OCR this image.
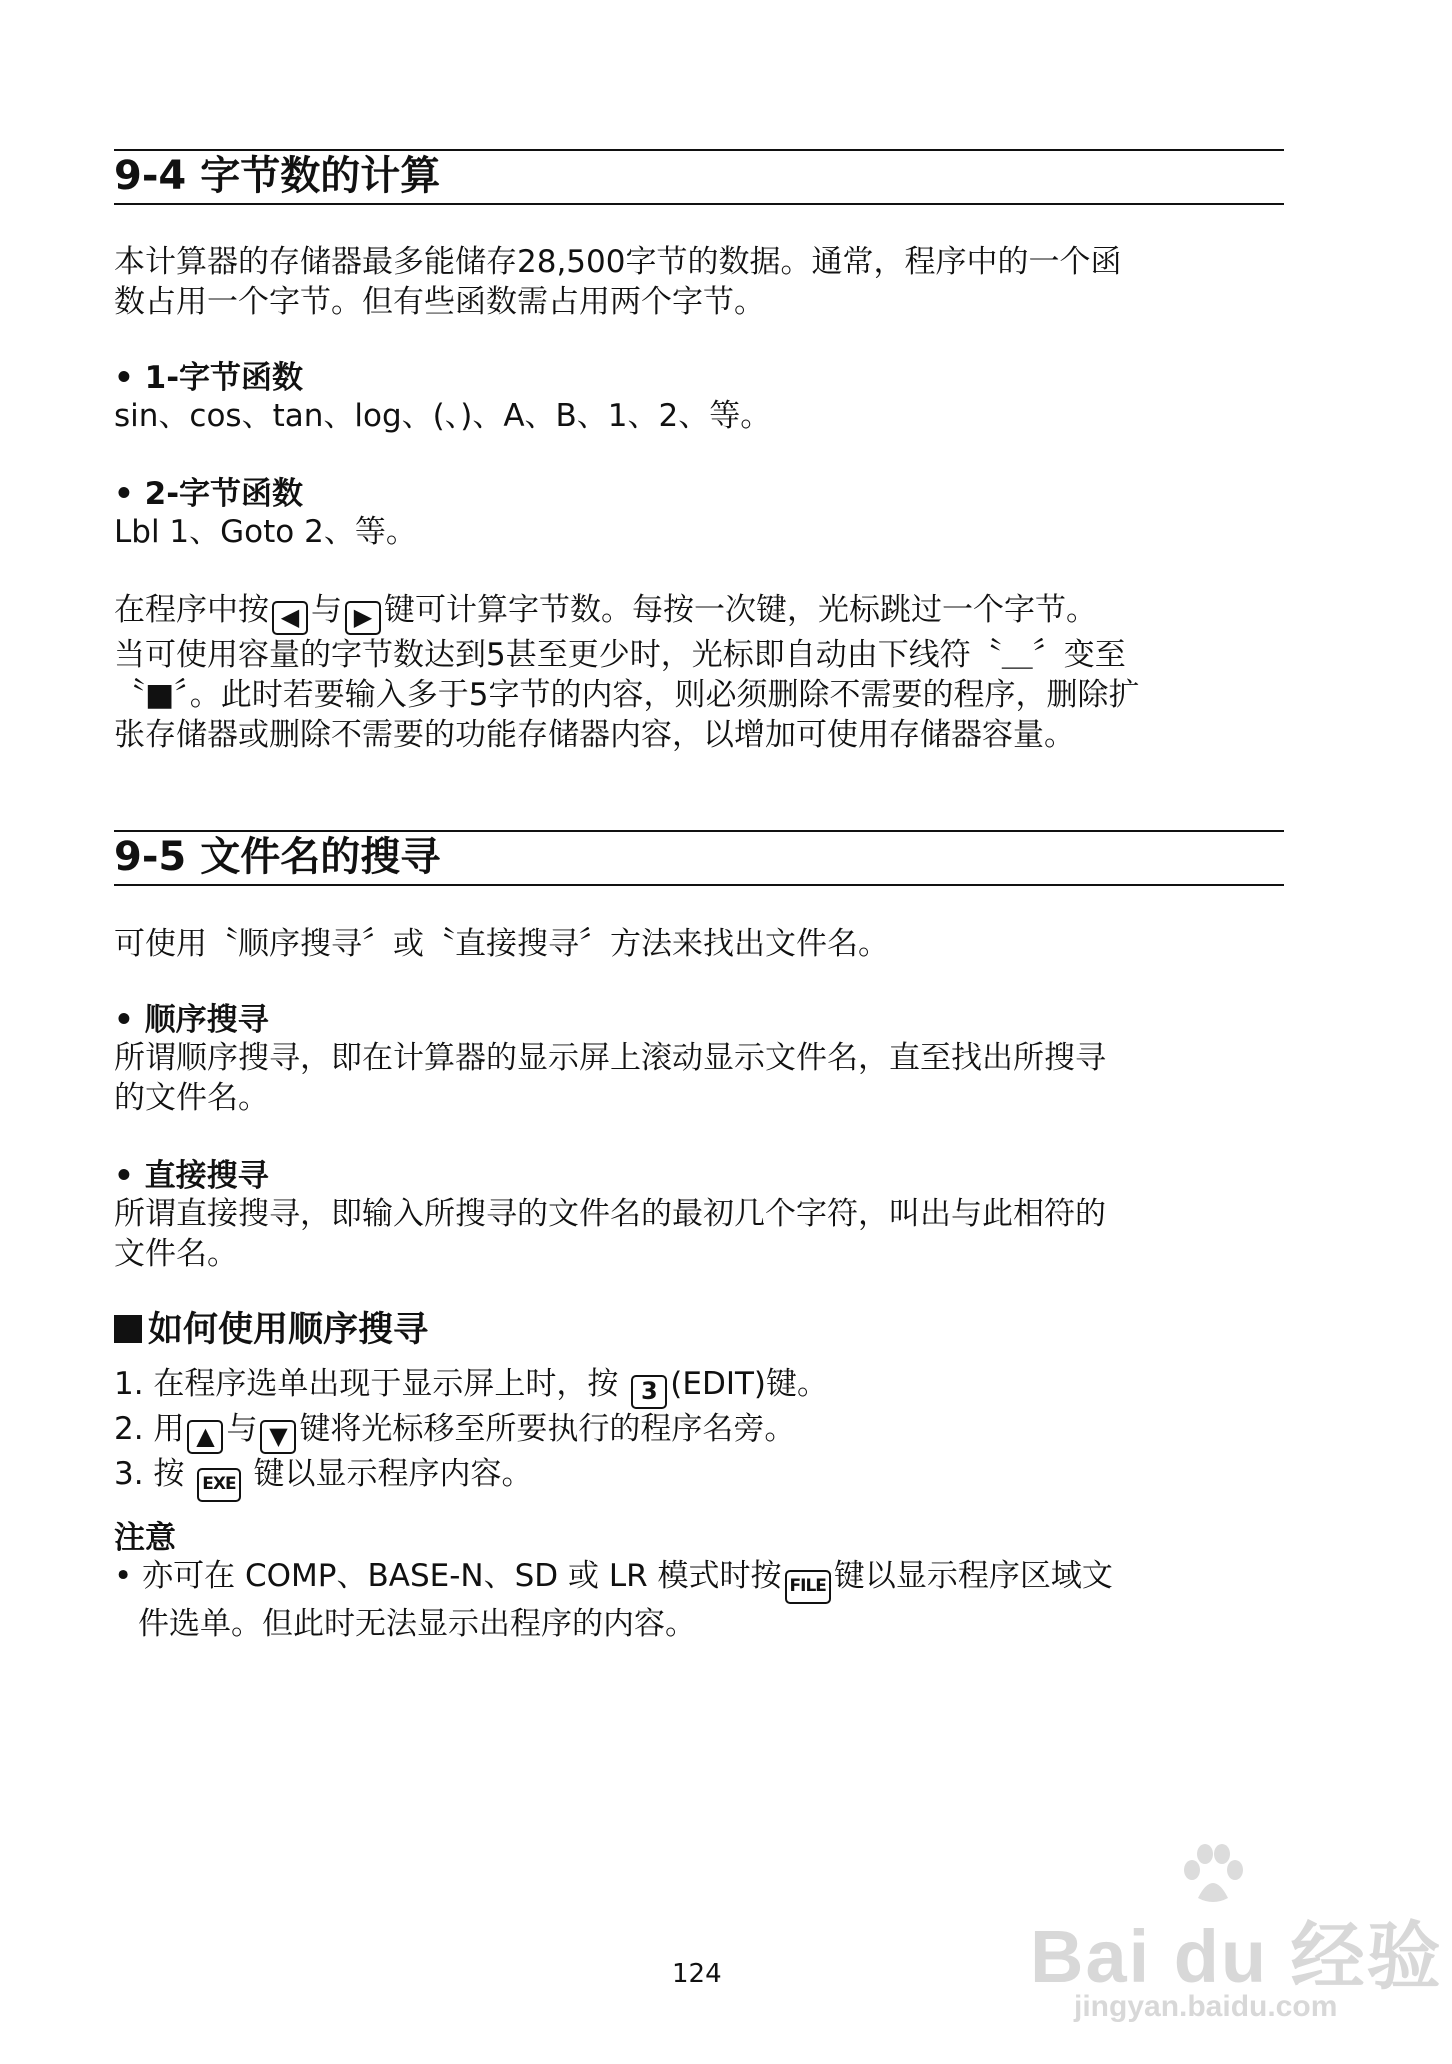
9-4 字节数的计算
本计算器的存储器最多能储存28,500字节的数据。通常，程序中的一个函
数占用一个字节。但有些函数需占用两个字节。
• 1-字节函数
sin、cos、tan、log、(、)、A、B、1、2、等。
• 2-字节函数
Lbl 1、Goto 2、等。
在程序中按 ◀ 与 ▶ 键可计算字节数。每按一次键，光标跳过一个字节。
当可使用容量的字节数达到5甚至更少时，光标即自动由下线符〝＿〞变至
〝■〞。此时若要输入多于5字节的内容，则必须删除不需要的程序，删除扩
张存储器或删除不需要的功能存储器内容，以增加可使用存储器容量。
9-5 文件名的搜寻
可使用〝顺序搜寻〞或〝直接搜寻〞方法来找出文件名。
• 顺序搜寻
所谓顺序搜寻，即在计算器的显示屏上滚动显示文件名，直至找出所搜寻
的文件名。
• 直接搜寻
所谓直接搜寻，即输入所搜寻的文件名的最初几个字符，叫出与此相符的
文件名。
如何使用顺序搜寻
1. 在程序选单出现于显示屏上时，按 3 (EDIT)键。
2. 用 ▲ 与 ▼ 键将光标移至所要执行的程序名旁。
3. 按 EXE 键以显示程序内容。
注意
• 亦可在 COMP、BASE-N、SD 或 LR 模式时按 FILE 键以显示程序区域文
件选单。但此时无法显示出程序的内容。
124	Bai du 经验
jingyan.baidu.com
